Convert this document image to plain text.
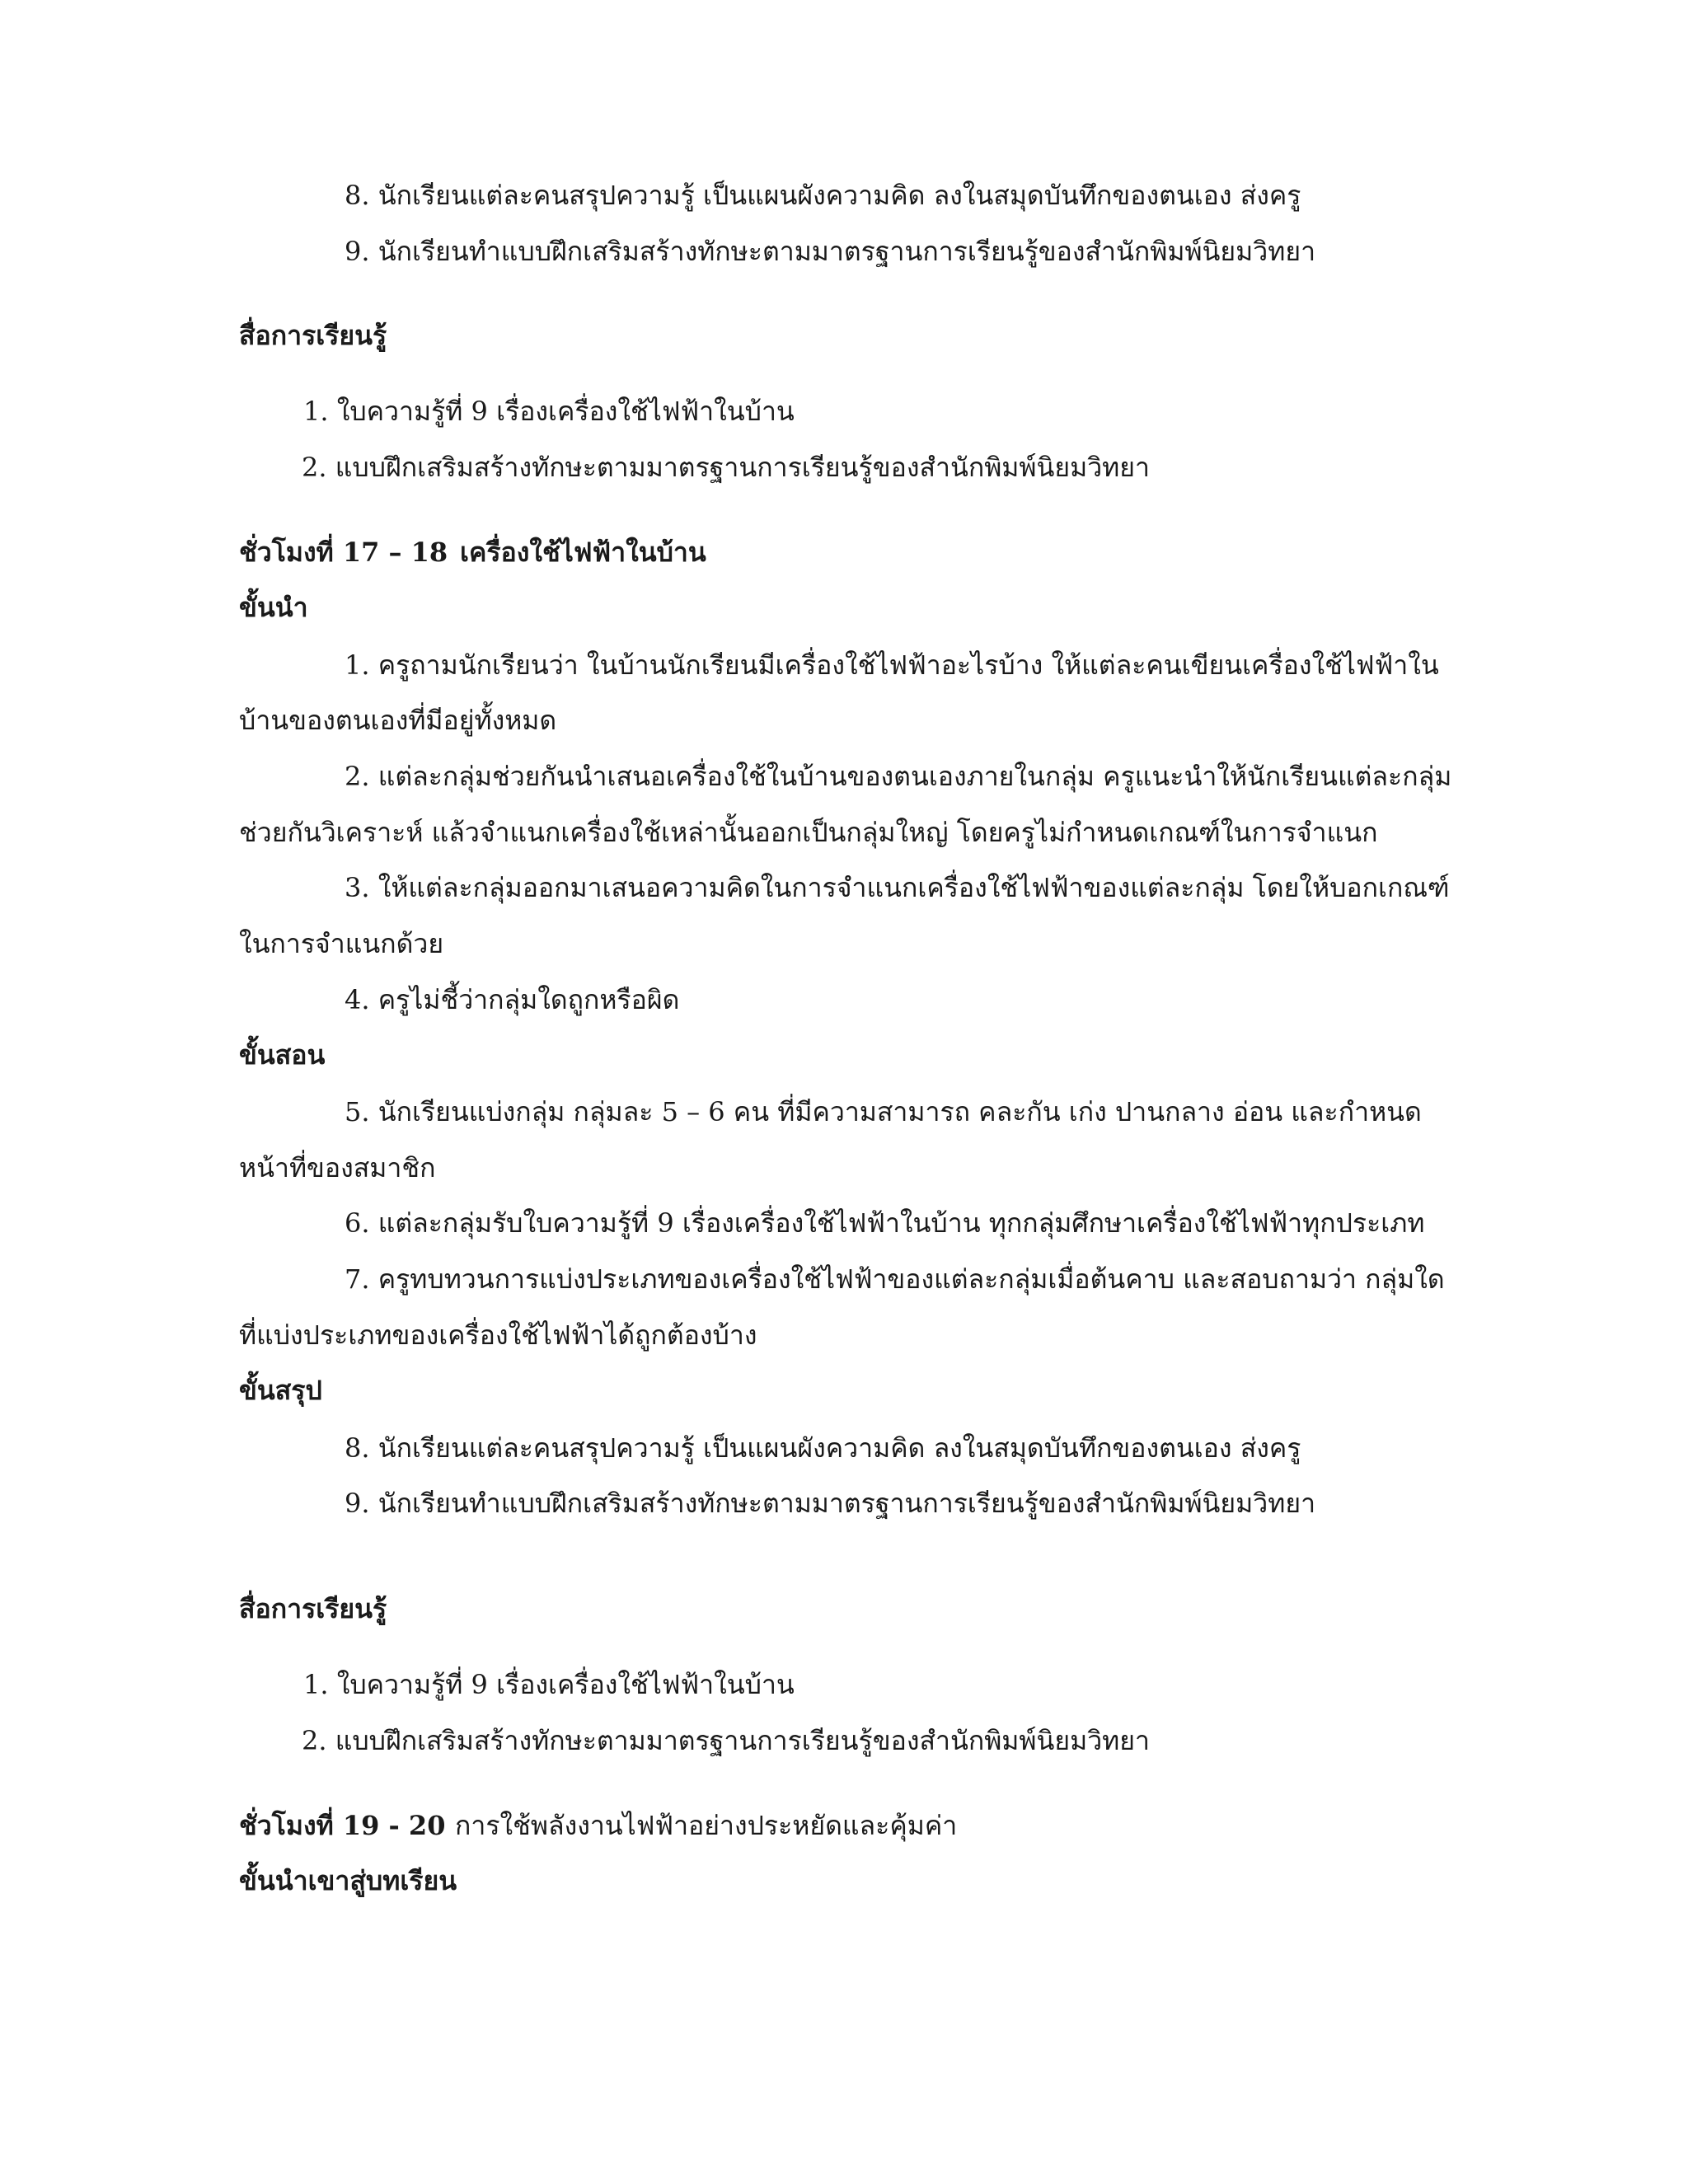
8. นักเรียนแต่ละคนสรุปความรู้ เป็นแผนผังความคิด ลงในสมุดบันทึกของตนเอง ส่งครู
9. นักเรียนทำแบบฝึกเสริมสร้างทักษะตามมาตรฐานการเรียนรู้ของสำนักพิมพ์นิยมวิทยา
สื่อการเรียนรู้
1. ใบความรู้ที่ 9 เรื่องเครื่องใช้ไฟฟ้าในบ้าน
2. แบบฝึกเสริมสร้างทักษะตามมาตรฐานการเรียนรู้ของสำนักพิมพ์นิยมวิทยา
ชั่วโมงที่ 17 – 18 เครื่องใช้ไฟฟ้าในบ้าน
ขั้นนำ
1. ครูถามนักเรียนว่า ในบ้านนักเรียนมีเครื่องใช้ไฟฟ้าอะไรบ้าง ให้แต่ละคนเขียนเครื่องใช้ไฟฟ้าใน
บ้านของตนเองที่มีอยู่ทั้งหมด
2. แต่ละกลุ่มช่วยกันนำเสนอเครื่องใช้ในบ้านของตนเองภายในกลุ่ม ครูแนะนำให้นักเรียนแต่ละกลุ่ม
ช่วยกันวิเคราะห์ แล้วจำแนกเครื่องใช้เหล่านั้นออกเป็นกลุ่มใหญ่ โดยครูไม่กำหนดเกณฑ์ในการจำแนก
3. ให้แต่ละกลุ่มออกมาเสนอความคิดในการจำแนกเครื่องใช้ไฟฟ้าของแต่ละกลุ่ม โดยให้บอกเกณฑ์
ในการจำแนกด้วย
4. ครูไม่ชี้ว่ากลุ่มใดถูกหรือผิด
ขั้นสอน
5. นักเรียนแบ่งกลุ่ม กลุ่มละ 5 – 6 คน ที่มีความสามารถ คละกัน เก่ง ปานกลาง อ่อน และกำหนด
หน้าที่ของสมาชิก
6. แต่ละกลุ่มรับใบความรู้ที่ 9 เรื่องเครื่องใช้ไฟฟ้าในบ้าน ทุกกลุ่มศึกษาเครื่องใช้ไฟฟ้าทุกประเภท
7. ครูทบทวนการแบ่งประเภทของเครื่องใช้ไฟฟ้าของแต่ละกลุ่มเมื่อต้นคาบ และสอบถามว่า กลุ่มใด
ที่แบ่งประเภทของเครื่องใช้ไฟฟ้าได้ถูกต้องบ้าง
ขั้นสรุป
8. นักเรียนแต่ละคนสรุปความรู้ เป็นแผนผังความคิด ลงในสมุดบันทึกของตนเอง ส่งครู
9. นักเรียนทำแบบฝึกเสริมสร้างทักษะตามมาตรฐานการเรียนรู้ของสำนักพิมพ์นิยมวิทยา
สื่อการเรียนรู้
1. ใบความรู้ที่ 9 เรื่องเครื่องใช้ไฟฟ้าในบ้าน
2. แบบฝึกเสริมสร้างทักษะตามมาตรฐานการเรียนรู้ของสำนักพิมพ์นิยมวิทยา
ชั่วโมงที่ 19 - 20 การใช้พลังงานไฟฟ้าอย่างประหยัดและคุ้มค่า
ขั้นนำเขาสู่บทเรียน
